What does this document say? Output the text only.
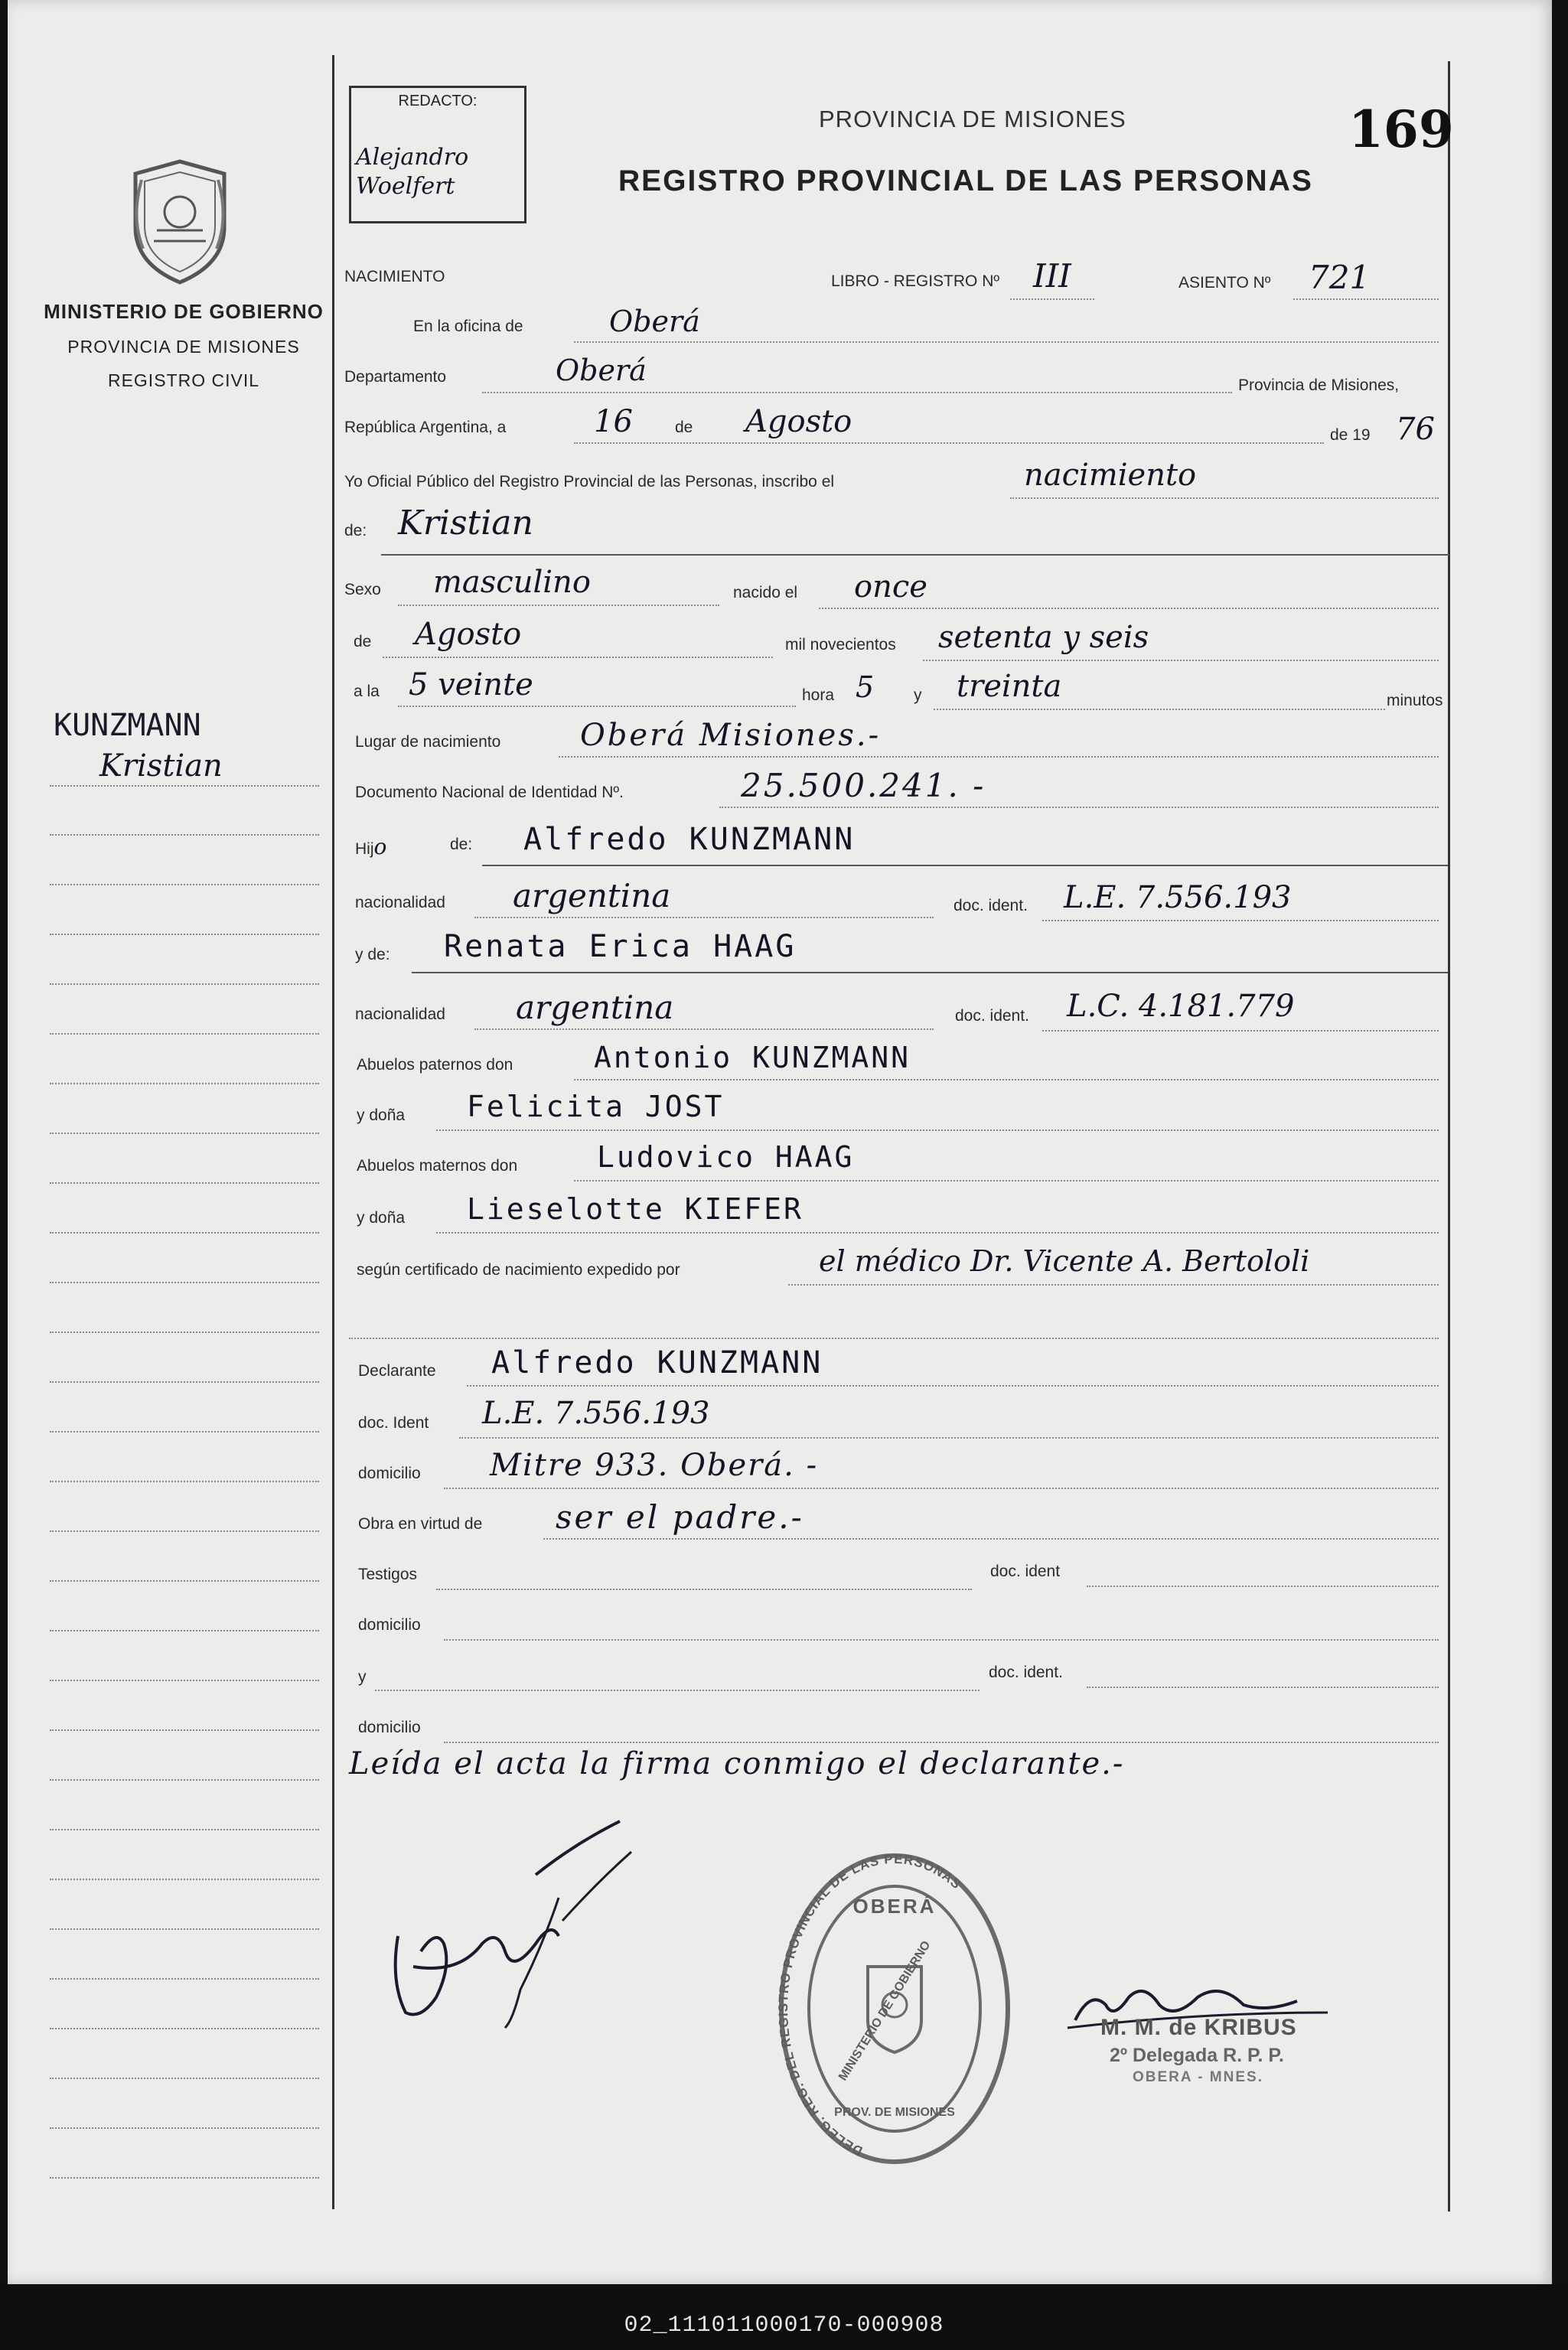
MINISTERIO DE GOBIERNO
PROVINCIA DE MISIONES
REGISTRO CIVIL
KUNZMANN
Kristian
REDACTO:
Alejandro Woelfert
PROVINCIA DE MISIONES
REGISTRO PROVINCIAL DE LAS PERSONAS
169
NACIMIENTO	LIBRO - REGISTRO Nº III	ASIENTO Nº 721
En la oficina de	Oberá
Departamento	Oberá	Provincia de Misiones,
República Argentina, a	16	de Agosto	de 19 76
Yo Oficial Público del Registro Provincial de las Personas, inscribo el	nacimiento
de: Kristian
Sexo masculino	nacido el once
de Agosto	mil novecientos setenta y seis
a la 5 veinte	hora 5 y treinta	minutos
Lugar de nacimiento	Oberá Misiones.-
Documento Nacional de Identidad Nº.	25.500.241. -
Hijo	de: Alfredo KUNZMANN
nacionalidad argentina	doc. ident. L.E. 7.556.193
y de: Renata Erica HAAG
nacionalidad argentina	doc. ident. L.C. 4.181.779
Abuelos paternos don	Antonio KUNZMANN
y doña Felicita JOST
Abuelos maternos don	Ludovico HAAG
y doña Lieselotte KIEFER
según certificado de nacimiento expedido por	el médico Dr. Vicente A. Bertololi
Declarante Alfredo KUNZMANN
doc. Ident L.E. 7.556.193
domicilio Mitre 933. Oberá. -
Obra en virtud de ser el padre.-
Testigos	doc. ident
domicilio
y	doc. ident.
domicilio
Leída el acta la firma conmigo el declarante.-
DELEG. REG. DEL REGISTRO PROVINCIAL DE LAS PERSONAS
OBERÁ
PROV. DE MISIONES
MINISTERIO DE GOBIERNO	M. M. de KRIBUS
2º Delegada R. P. P.
OBERA - MNES.
02_111011000170-000908
